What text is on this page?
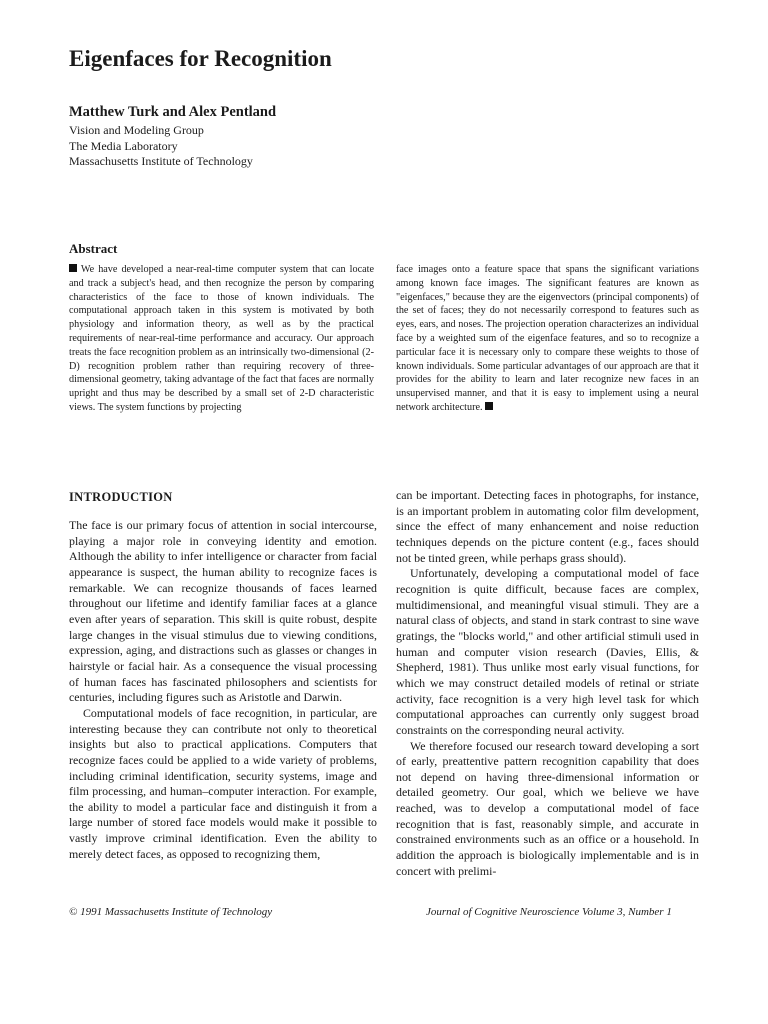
Eigenfaces for Recognition
Matthew Turk and Alex Pentland
Vision and Modeling Group
The Media Laboratory
Massachusetts Institute of Technology
Abstract
We have developed a near-real-time computer system that can locate and track a subject's head, and then recognize the person by comparing characteristics of the face to those of known individuals. The computational approach taken in this system is motivated by both physiology and information theory, as well as by the practical requirements of near-real-time performance and accuracy. Our approach treats the face recognition problem as an intrinsically two-dimensional (2-D) recognition problem rather than requiring recovery of three-dimensional geometry, taking advantage of the fact that faces are normally upright and thus may be described by a small set of 2-D characteristic views. The system functions by projecting
face images onto a feature space that spans the significant variations among known face images. The significant features are known as "eigenfaces," because they are the eigenvectors (principal components) of the set of faces; they do not necessarily correspond to features such as eyes, ears, and noses. The projection operation characterizes an individual face by a weighted sum of the eigenface features, and so to recognize a particular face it is necessary only to compare these weights to those of known individuals. Some particular advantages of our approach are that it provides for the ability to learn and later recognize new faces in an unsupervised manner, and that it is easy to implement using a neural network architecture.
INTRODUCTION

The face is our primary focus of attention in social intercourse, playing a major role in conveying identity and emotion. Although the ability to infer intelligence or character from facial appearance is suspect, the human ability to recognize faces is remarkable. We can recognize thousands of faces learned throughout our lifetime and identify familiar faces at a glance even after years of separation. This skill is quite robust, despite large changes in the visual stimulus due to viewing conditions, expression, aging, and distractions such as glasses or changes in hairstyle or facial hair. As a consequence the visual processing of human faces has fascinated philosophers and scientists for centuries, including figures such as Aristotle and Darwin.

Computational models of face recognition, in particular, are interesting because they can contribute not only to theoretical insights but also to practical applications. Computers that recognize faces could be applied to a wide variety of problems, including criminal identification, security systems, image and film processing, and human–computer interaction. For example, the ability to model a particular face and distinguish it from a large number of stored face models would make it possible to vastly improve criminal identification. Even the ability to merely detect faces, as opposed to recognizing them,

can be important. Detecting faces in photographs, for instance, is an important problem in automating color film development, since the effect of many enhancement and noise reduction techniques depends on the picture content (e.g., faces should not be tinted green, while perhaps grass should).

Unfortunately, developing a computational model of face recognition is quite difficult, because faces are complex, multidimensional, and meaningful visual stimuli. They are a natural class of objects, and stand in stark contrast to sine wave gratings, the "blocks world," and other artificial stimuli used in human and computer vision research (Davies, Ellis, & Shepherd, 1981). Thus unlike most early visual functions, for which we may construct detailed models of retinal or striate activity, face recognition is a very high level task for which computational approaches can currently only suggest broad constraints on the corresponding neural activity.

We therefore focused our research toward developing a sort of early, preattentive pattern recognition capability that does not depend on having three-dimensional information or detailed geometry. Our goal, which we believe we have reached, was to develop a computational model of face recognition that is fast, reasonably simple, and accurate in constrained environments such as an office or a household. In addition the approach is biologically implementable and is in concert with prelimi-

© 1991 Massachusetts Institute of Technology	Journal of Cognitive Neuroscience Volume 3, Number 1
